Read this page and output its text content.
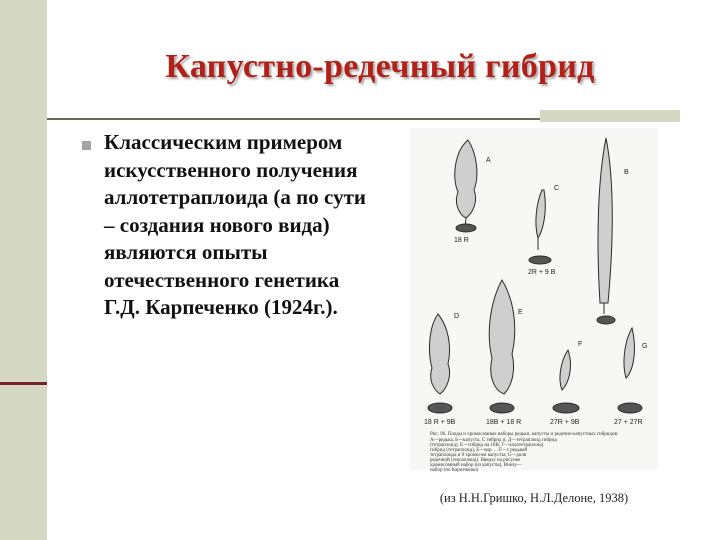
Капустно-редечный гибрид
Классическим примером искусственного получения аллотетраплоида (а по сути – создания нового вида) являются опыты отечественного генетика Г.Д. Карпеченко (1924г.).
A
C
B
D
E
F	G
18 R
2R + 9 B
18 R + 9B	18B + 18 R	27R + 9B	27 + 27R
Рис. 96. Плоды и хромосомные наборы редьки, капусты и редечно-капустных гибридов:
А—редька, Б—капуста, С гибрид и, Д—тетраплоид гибрид
(тетраплоид), Е—гибрид на 18В; Г—аллотетраплоид
гибрид (тетраплоид), Е—кор. . . F—с редькой
тетраплоида и 9 хромосом капусты; G—доля
редечной (гексаплоид). Вверху на рисунке
хромосомный набор (из капусты), Внизу—
набор (по Карпеченко)
(из Н.Н.Гришко, Н.Л.Делоне, 1938)
